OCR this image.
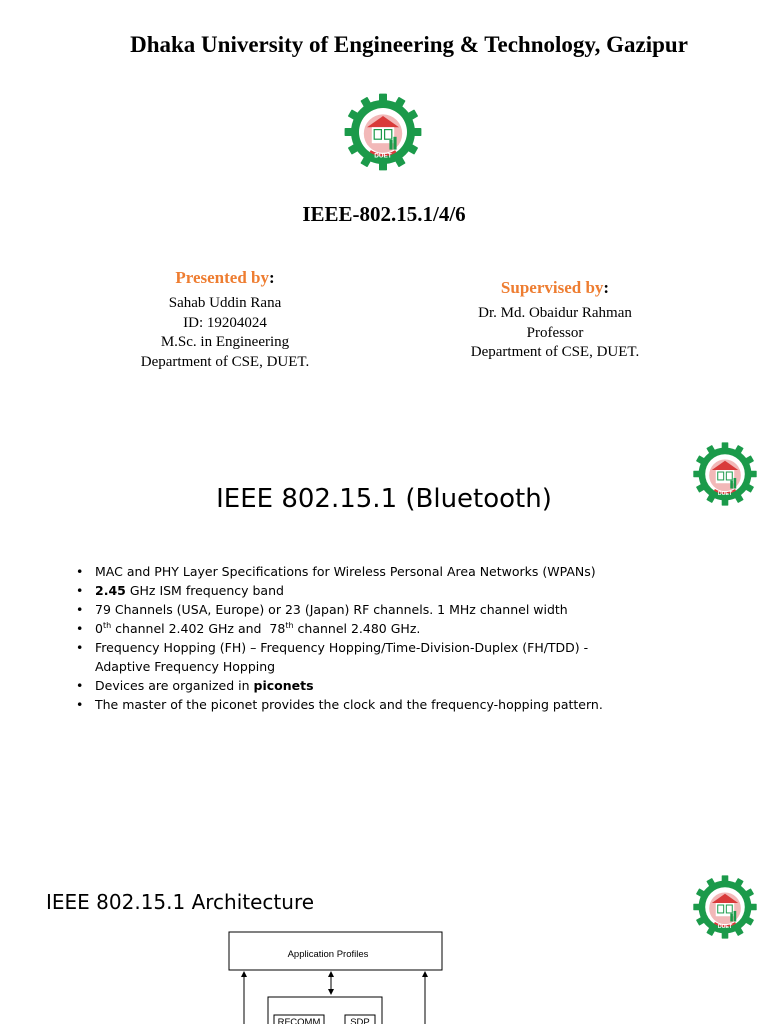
Dhaka University of Engineering & Technology, Gazipur
DUET
IEEE-802.15.1/4/6
Presented by:
Sahab Uddin Rana
ID: 19204024
M.Sc. in Engineering
Department of CSE, DUET.
Supervised by:
Dr. Md. Obaidur Rahman
Professor
Department of CSE, DUET.
DUET
IEEE 802.15.1 (Bluetooth)
• MAC and PHY Layer Specifications for Wireless Personal Area Networks (WPANs)
• 2.45 GHz ISM frequency band
• 79 Channels (USA, Europe) or 23 (Japan) RF channels. 1 MHz channel width
• 0th channel 2.402 GHz and  78th channel 2.480 GHz.
• Frequency Hopping (FH) – Frequency Hopping/Time-Division-Duplex (FH/TDD) -
Adaptive Frequency Hopping
• Devices are organized in piconets
• The master of the piconet provides the clock and the frequency-hopping pattern.
IEEE 802.15.1 Architecture
DUET
Application Profiles
RFCOMM .... SDP
